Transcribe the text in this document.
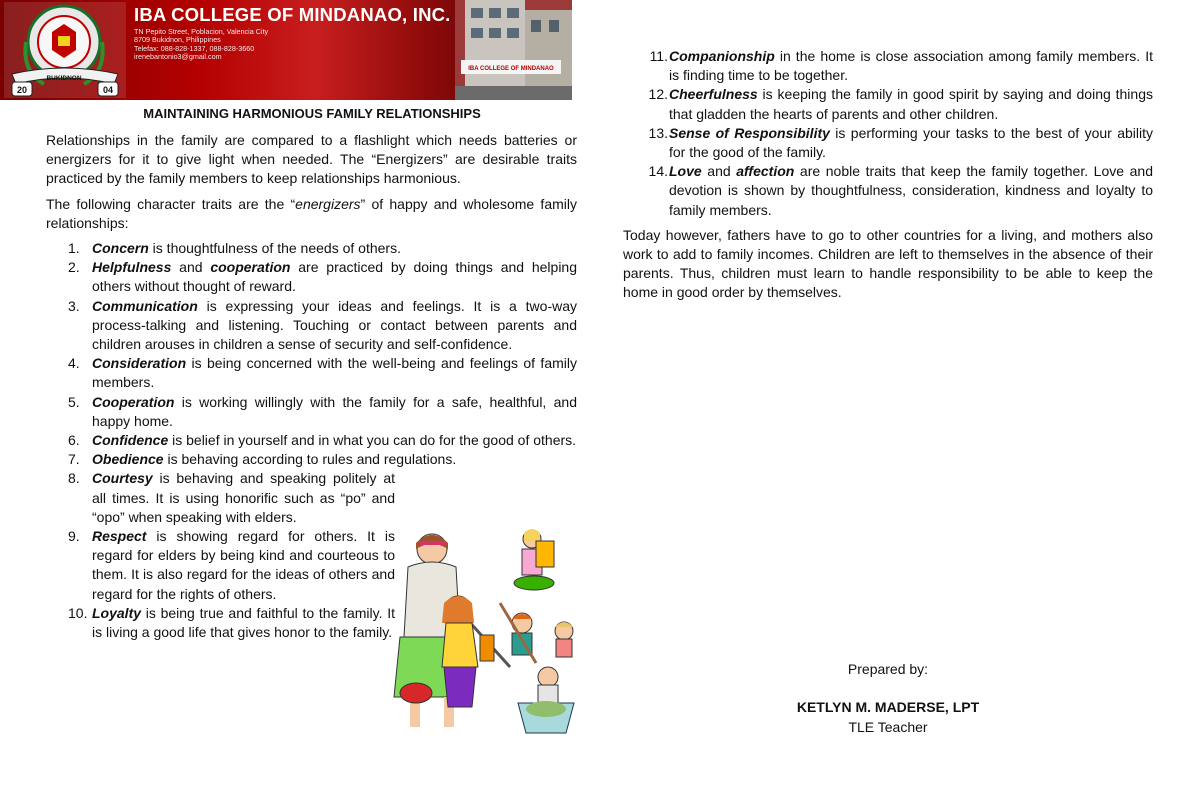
BUKIDNON
20	04
IBA COLLEGE OF MINDANAO, INC.
TN Pepito Street, Poblacion, Valencia City
8709 Bukidnon, Philippines
Telefax: 088-828-1337, 088-828-3660
irenebantonio3@gmail.com
IBA COLLEGE OF MINDANAO
MAINTAINING HARMONIOUS FAMILY RELATIONSHIPS

Relationships in the family are compared to a flashlight which needs batteries or energizers for it to give light when needed. The “Energizers” are desirable traits practiced by the family members to keep relationships harmonious.

The following character traits are the “energizers” of happy and wholesome family relationships:

1. Concern is thoughtfulness of the needs of others.
2. Helpfulness and cooperation are practiced by doing things and helping others without thought of reward.
3. Communication is expressing your ideas and feelings. It is a two-way process-talking and listening. Touching or contact between parents and children arouses in children a sense of security and self-confidence.
4. Consideration is being concerned with the well-being and feelings of family members.
5. Cooperation is working willingly with the family for a safe, healthful, and happy home.
6. Confidence is belief in yourself and in what you can do for the good of others.
7. Obedience is behaving according to rules and regulations.
8. Courtesy is behaving and speaking politely at all times. It is using honorific such as “po” and “opo” when speaking with elders.
9. Respect is showing regard for others. It is regard for elders by being kind and courteous to them. It is also regard for the ideas of others and regard for the rights of others.
10. Loyalty is being true and faithful to the family. It is living a good life that gives honor to the family.
11. Companionship in the home is close association among family members. It is finding time to be together.
12. Cheerfulness is keeping the family in good spirit by saying and doing things that gladden the hearts of parents and other children.
13. Sense of Responsibility is performing your tasks to the best of your ability for the good of the family.
14. Love and affection are noble traits that keep the family together. Love and devotion is shown by thoughtfulness, consideration, kindness and loyalty to family members.

Today however, fathers have to go to other countries for a living, and mothers also work to add to family incomes. Children are left to themselves in the absence of their parents. Thus, children must learn to handle responsibility to be able to keep the home in good order by themselves.

Prepared by:
KETLYN M. MADERSE, LPT
TLE Teacher
